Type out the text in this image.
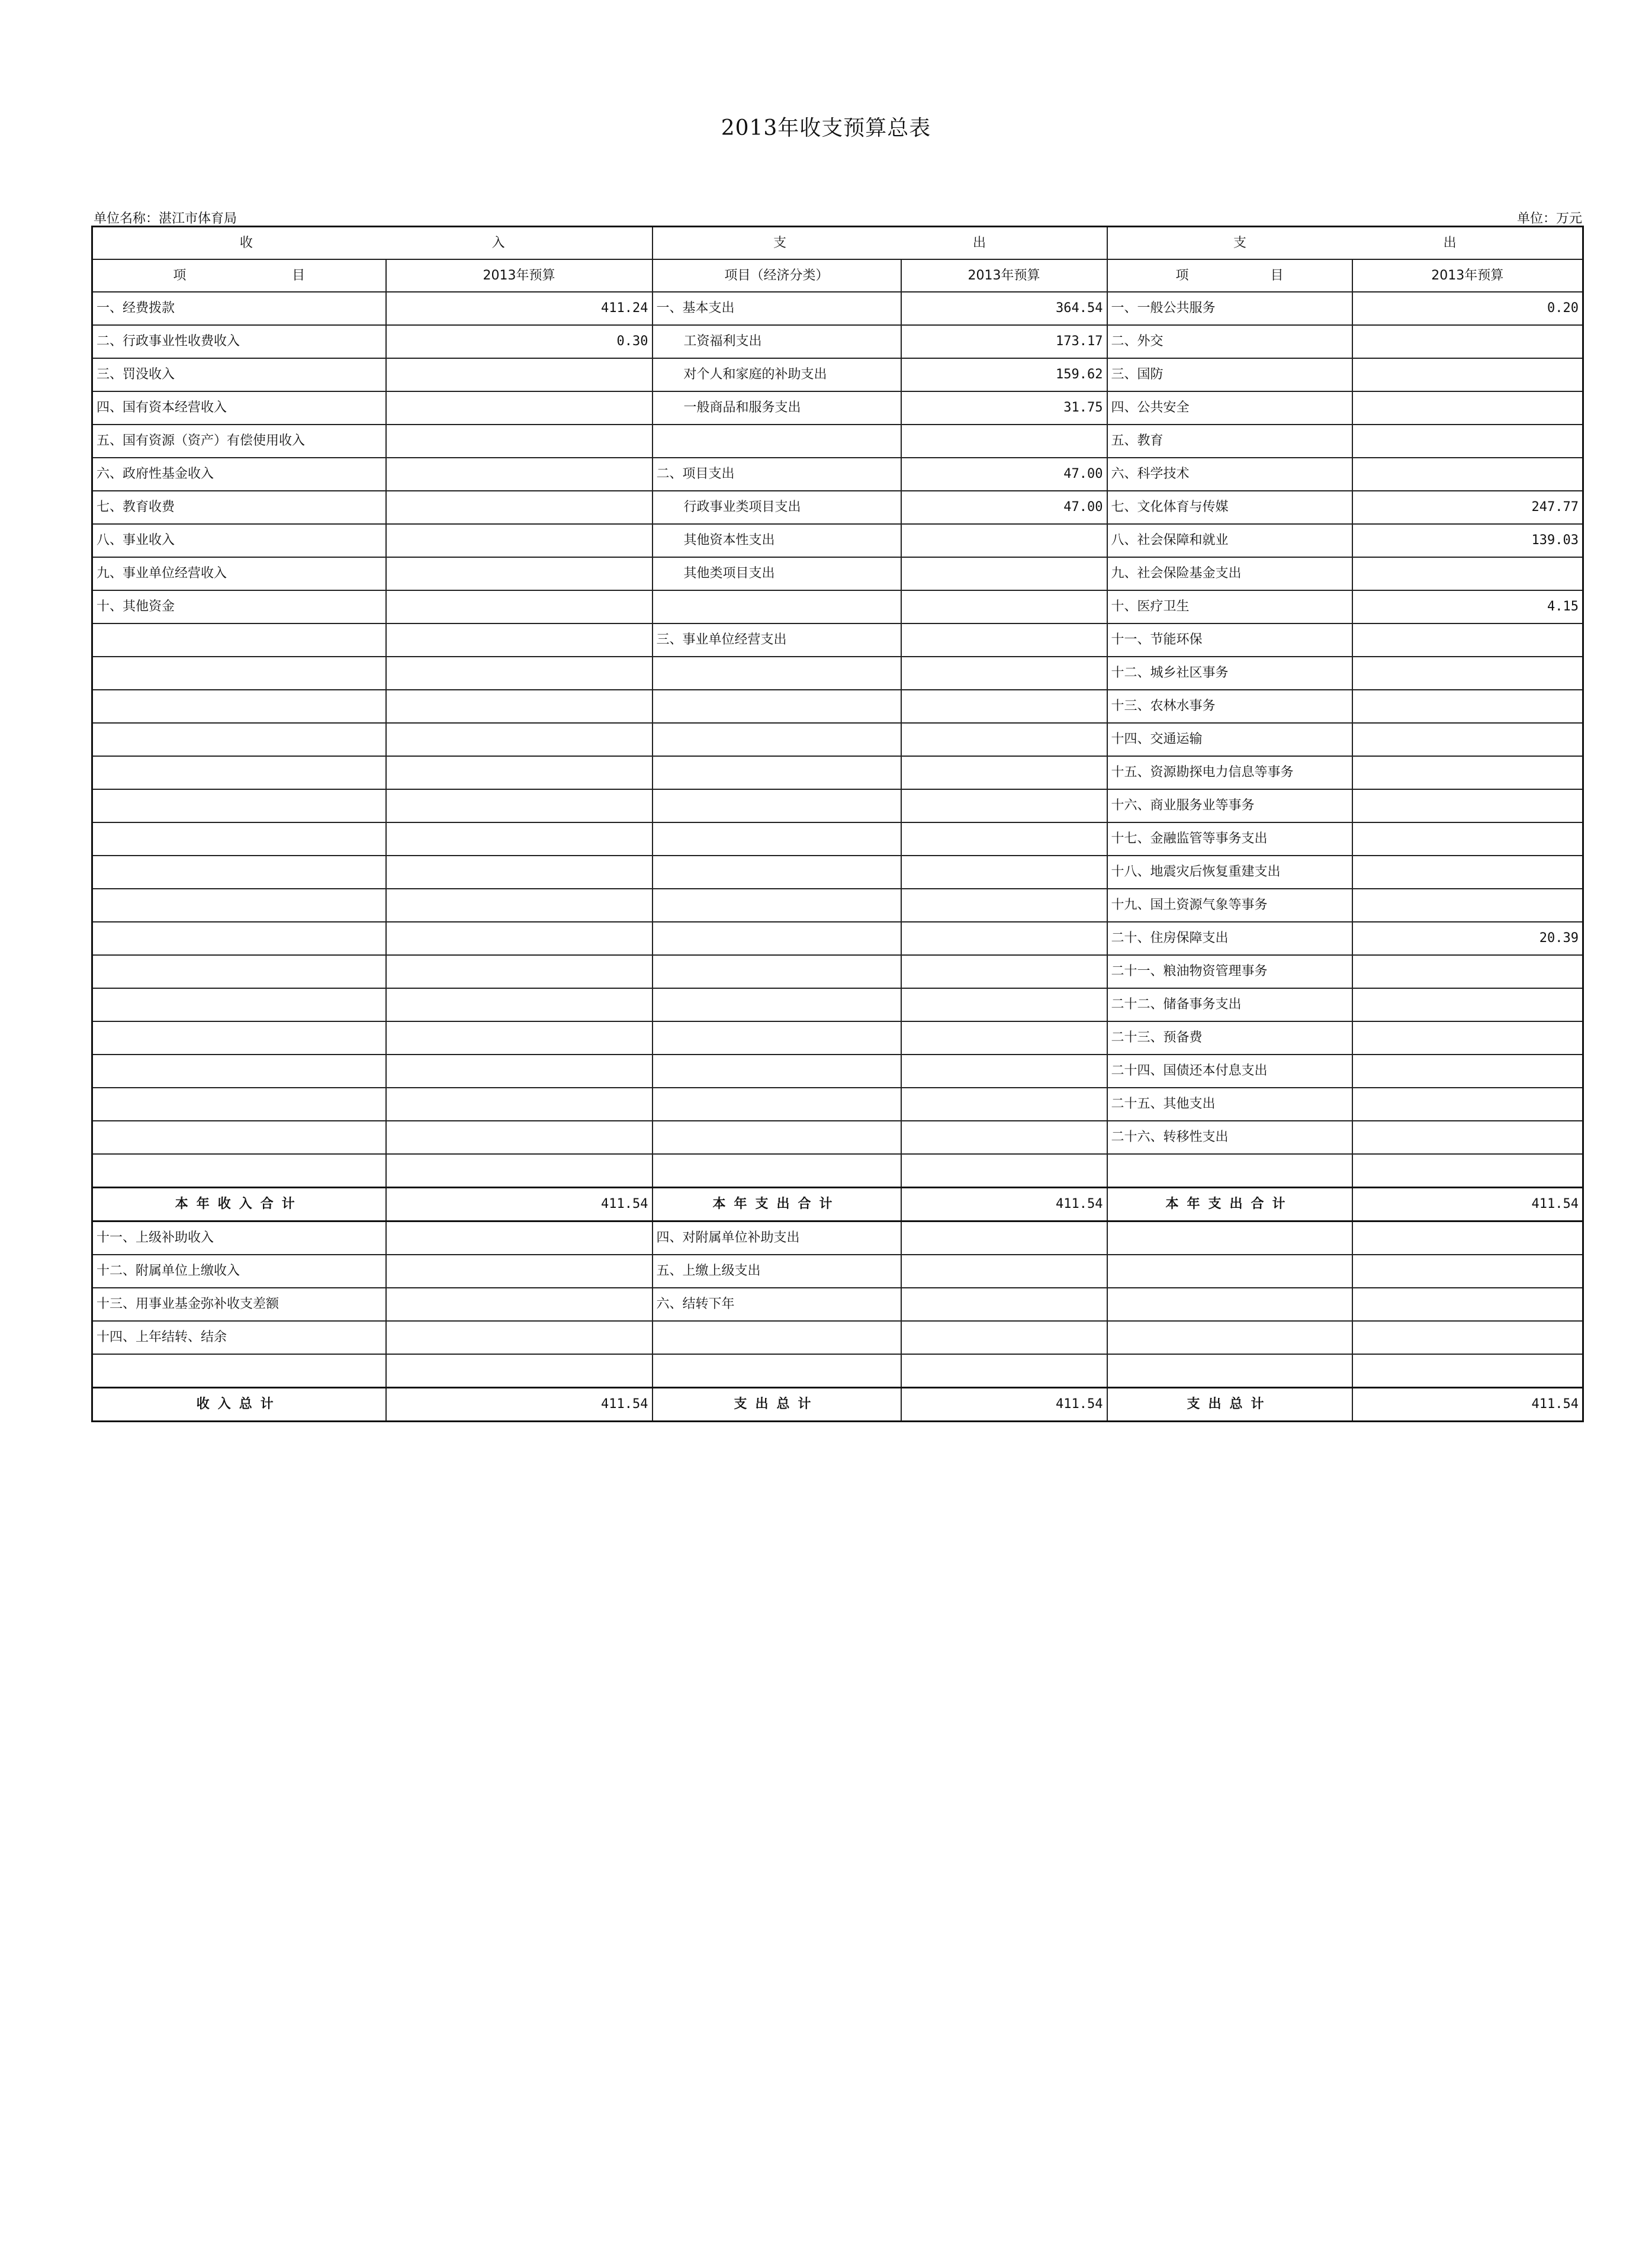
2013年收支预算总表
单位名称：湛江市体育局	单位：万元
收 入		支 出		支 出	

项 目	2013年预算	项目（经济分类）	2013年预算	项 目	2013年预算
一、经费拨款	411.24	一、基本支出	364.54	一、一般公共服务	0.20
二、行政事业性收费收入	0.30	工资福利支出	173.17	二、外交	
三、罚没收入		对个人和家庭的补助支出	159.62	三、国防	
四、国有资本经营收入		一般商品和服务支出	31.75	四、公共安全	
五、国有资源（资产）有偿使用收入				五、教育	
六、政府性基金收入		二、项目支出	47.00	六、科学技术	
七、教育收费		行政事业类项目支出	47.00	七、文化体育与传媒	247.77
八、事业收入		其他资本性支出		八、社会保障和就业	139.03
九、事业单位经营收入		其他类项目支出		九、社会保险基金支出	
十、其他资金				十、医疗卫生	4.15
		三、事业单位经营支出		十一、节能环保	
				十二、城乡社区事务	
				十三、农林水事务	
				十四、交通运输	
				十五、资源勘探电力信息等事务	
				十六、商业服务业等事务	
				十七、金融监管等事务支出	
				十八、地震灾后恢复重建支出	
				十九、国土资源气象等事务	
				二十、住房保障支出	20.39
				二十一、粮油物资管理事务	
				二十二、储备事务支出	
				二十三、预备费	
				二十四、国债还本付息支出	
				二十五、其他支出	
				二十六、转移性支出	

本年收入合计	411.54	本年支出合计	411.54	本年支出合计	411.54
十一、上级补助收入		四、对附属单位补助支出			
十二、附属单位上缴收入		五、上缴上级支出			
十三、用事业基金弥补收支差额		六、结转下年			
十四、上年结转、结余					

收入总计	411.54	支出总计	411.54	支出总计	411.54
